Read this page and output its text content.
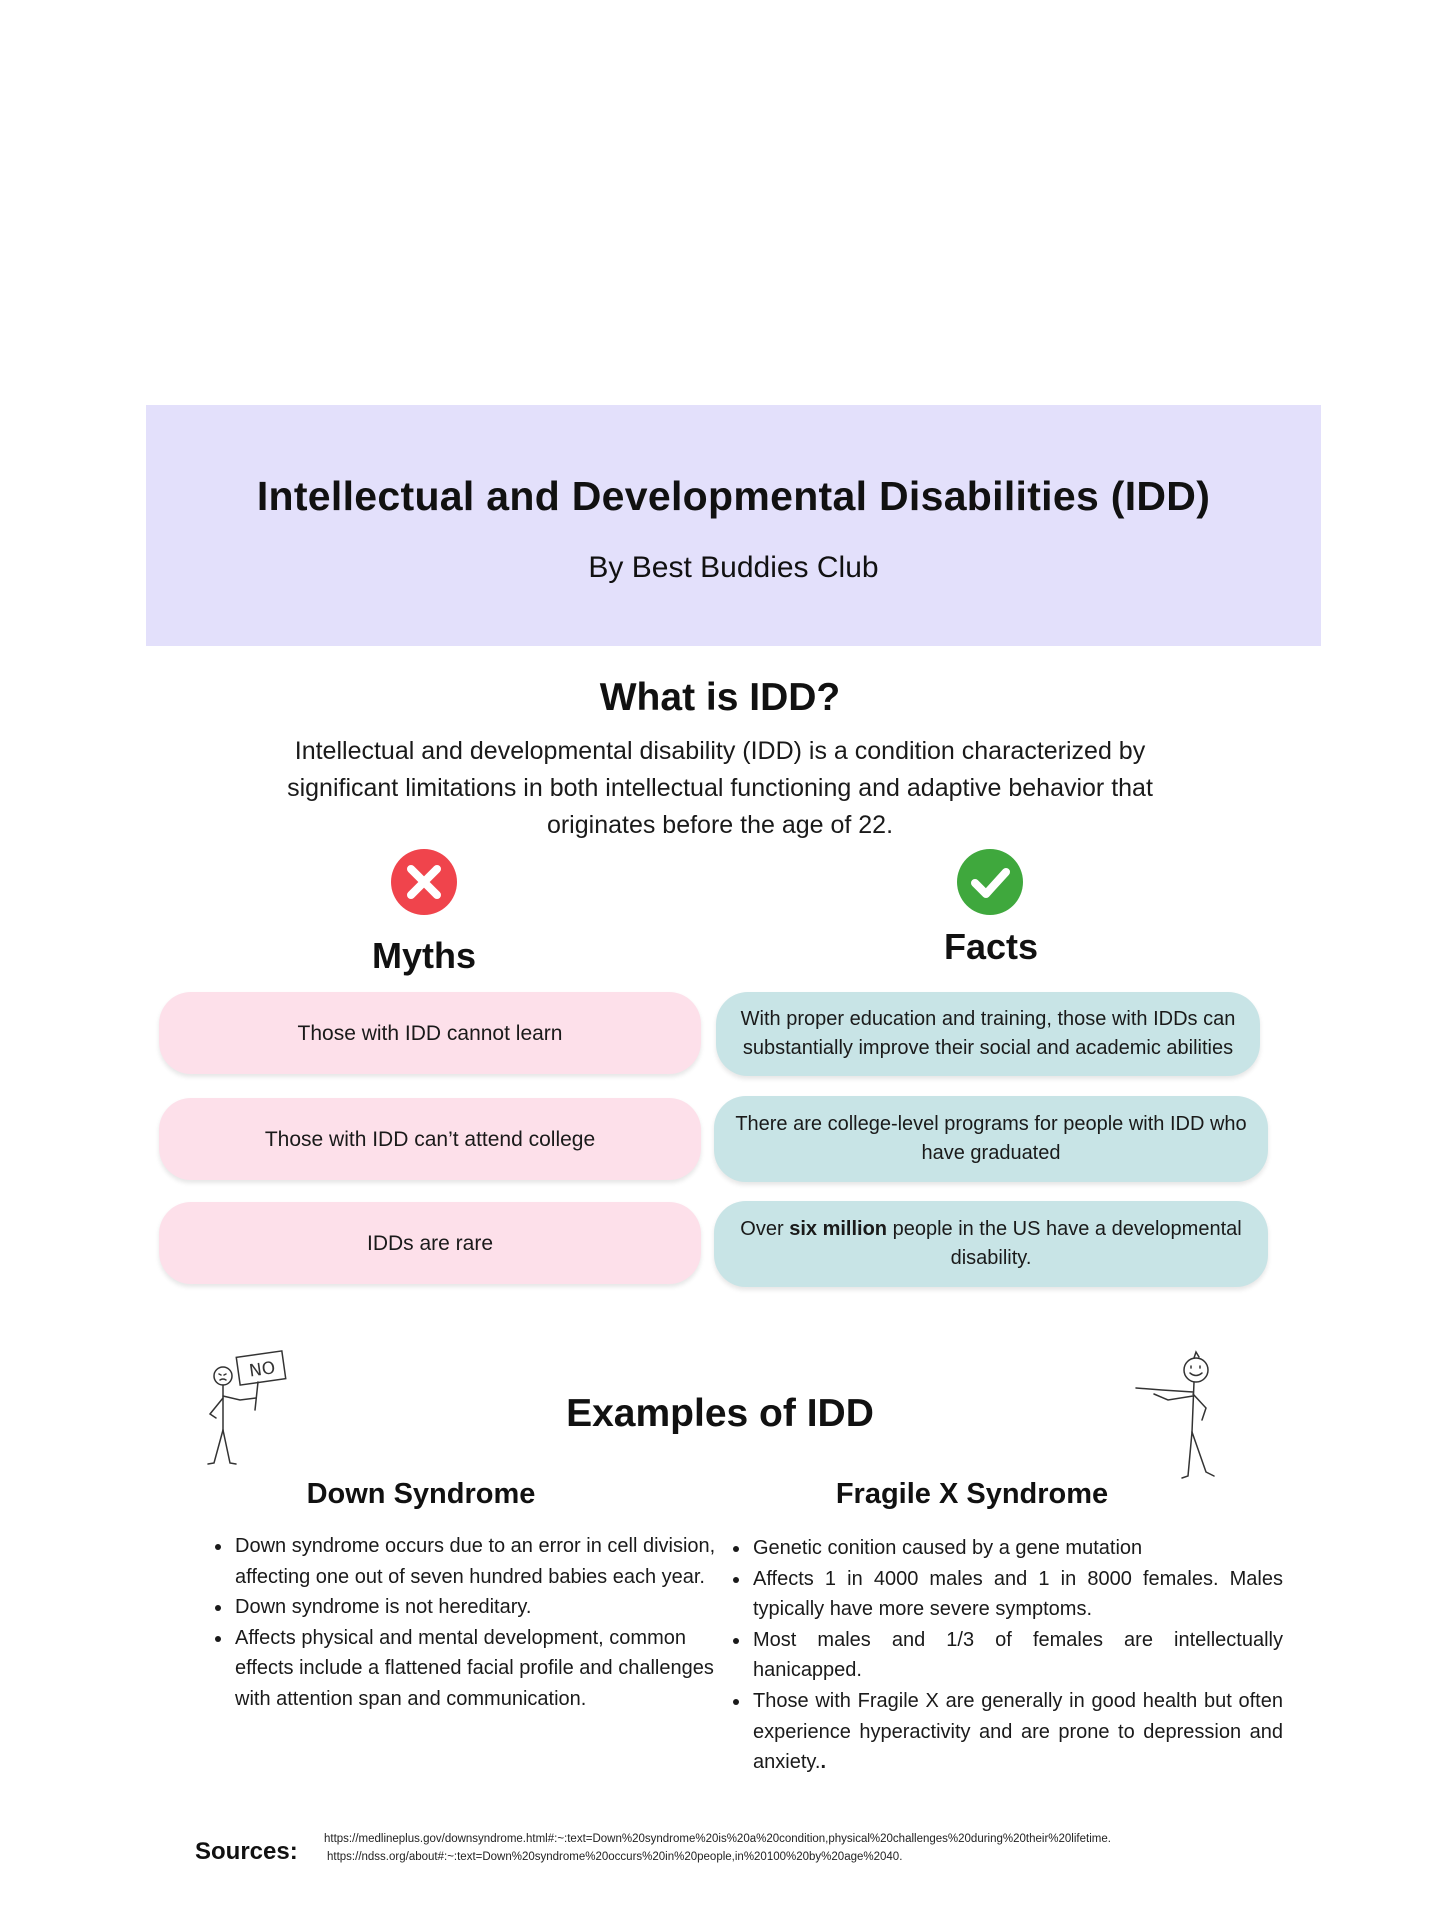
Intellectual and Developmental Disabilities (IDD)
By Best Buddies Club
What is IDD?
Intellectual and developmental disability (IDD) is a condition characterized by
significant limitations in both intellectual functioning and adaptive behavior that
originates before the age of 22.
Myths	Facts
Those with IDD cannot learn
Those with IDD can’t attend college
IDDs are rare
With proper education and training, those with IDDs can
substantially improve their social and academic abilities
There are college-level programs for people with IDD who
have graduated
Over six million people in the US have a developmental
disability.
NO
Examples of IDD
Down Syndrome	Fragile X Syndrome
• Down syndrome occurs due to an error in cell division, affecting one out of seven hundred babies each year.
• Down syndrome is not hereditary.
• Affects physical and mental development, common effects include a flattened facial profile and challenges with attention span and communication.
• Genetic conition caused by a gene mutation
• Affects 1 in 4000 males and 1 in 8000 females. Males typically have more severe symptoms.
• Most males and 1/3 of females are intellectually hanicapped.
• Those with Fragile X are generally in good health but often experience hyperactivity and are prone to depression and anxiety..
Sources: https://medlineplus.gov/downsyndrome.html#:~:text=Down%20syndrome%20is%20a%20condition,physical%20challenges%20during%20their%20lifetime.
https://ndss.org/about#:~:text=Down%20syndrome%20occurs%20in%20people,in%20100%20by%20age%2040.
